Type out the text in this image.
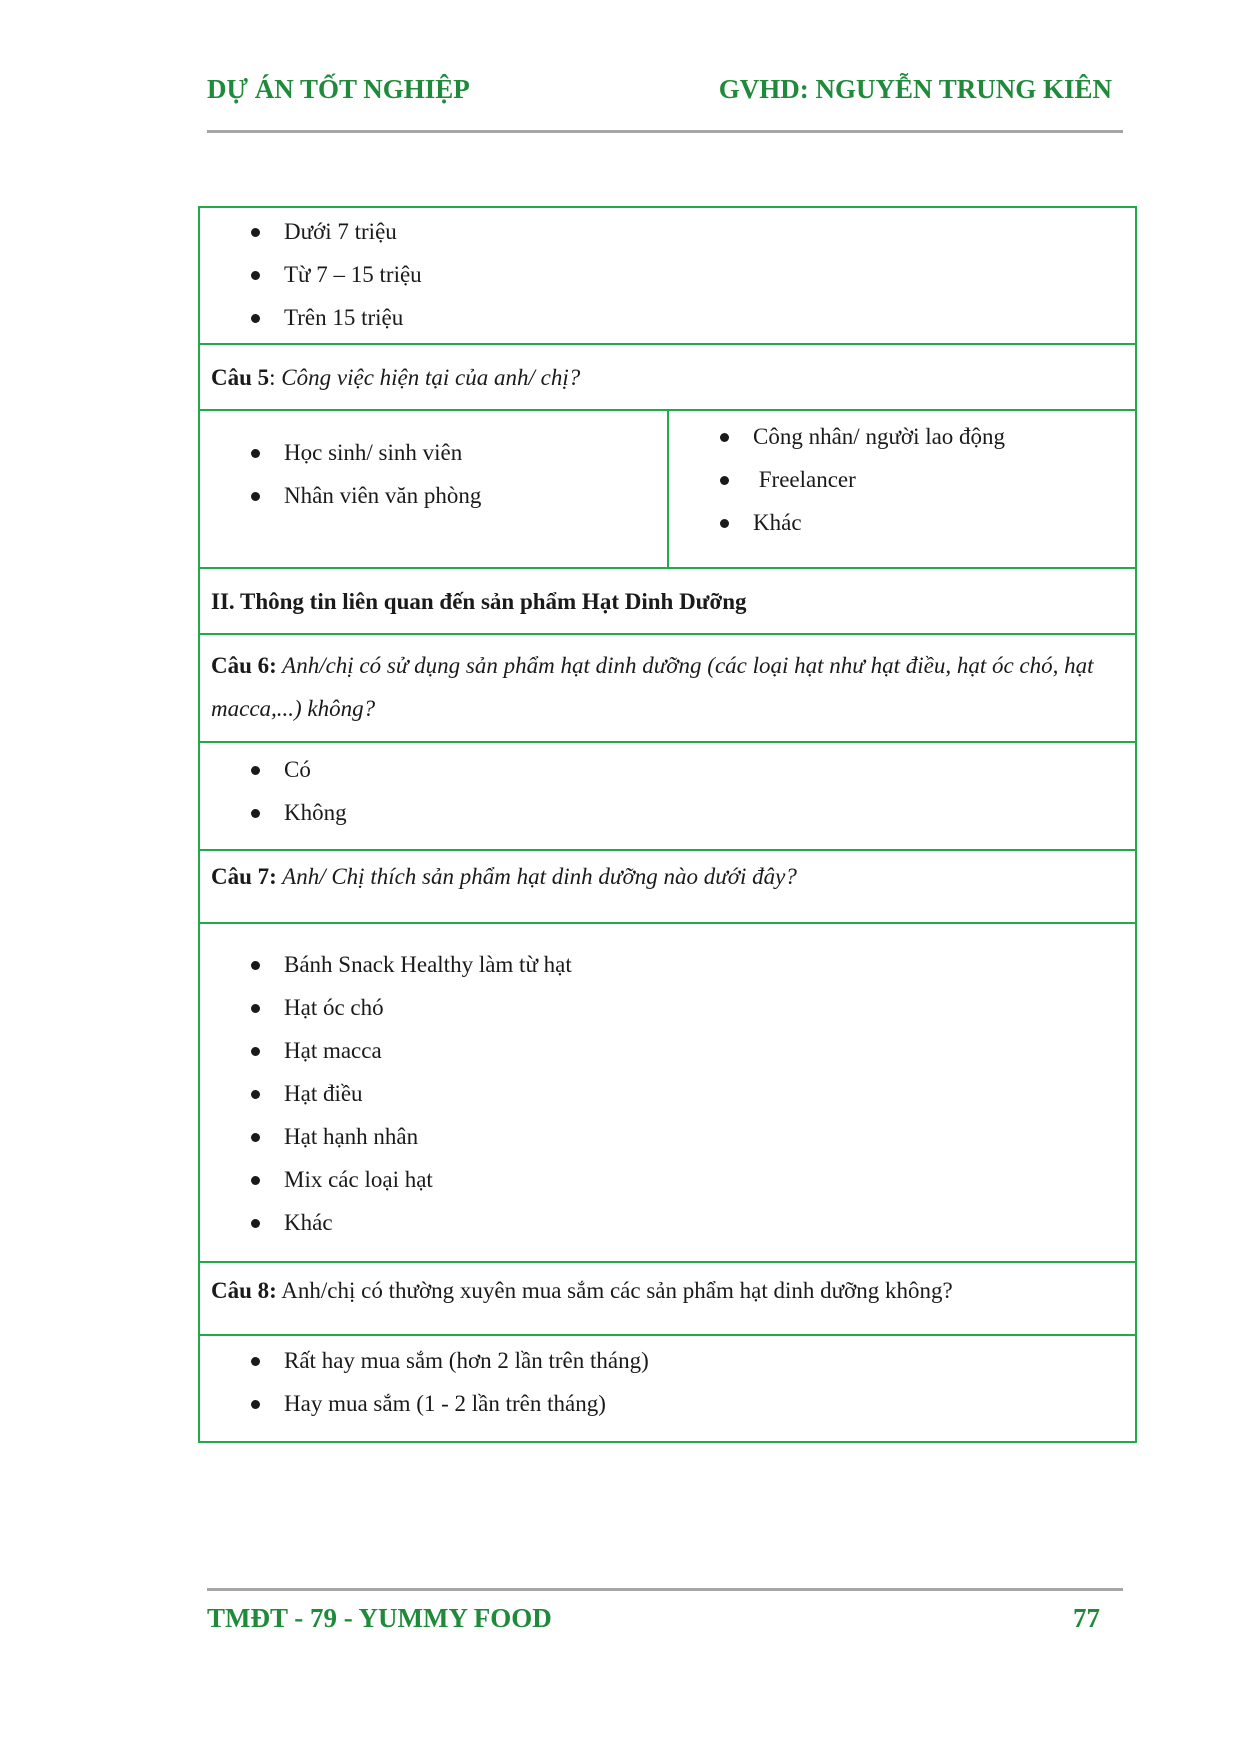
DỰ ÁN TỐT NGHIỆP	GVHD: NGUYỄN TRUNG KIÊN
Dưới 7 triệu
Từ 7 – 15 triệu
Trên 15 triệu
Câu 5: Công việc hiện tại của anh/ chị?
Học sinh/ sinh viên
Nhân viên văn phòng
Công nhân/ người lao động
Freelancer
Khác
II. Thông tin liên quan đến sản phẩm Hạt Dinh Dưỡng
Câu 6: Anh/chị có sử dụng sản phẩm hạt dinh dưỡng (các loại hạt như hạt điều, hạt óc chó, hạt macca,...) không?
Có
Không
Câu 7: Anh/ Chị thích sản phẩm hạt dinh dưỡng nào dưới đây?
Bánh Snack Healthy làm từ hạt
Hạt óc chó
Hạt macca
Hạt điều
Hạt hạnh nhân
Mix các loại hạt
Khác
Câu 8: Anh/chị có thường xuyên mua sắm các sản phẩm hạt dinh dưỡng không?
Rất hay mua sắm (hơn 2 lần trên tháng)
Hay mua sắm (1 - 2 lần trên tháng)
TMĐT - 79 - YUMMY FOOD	77
